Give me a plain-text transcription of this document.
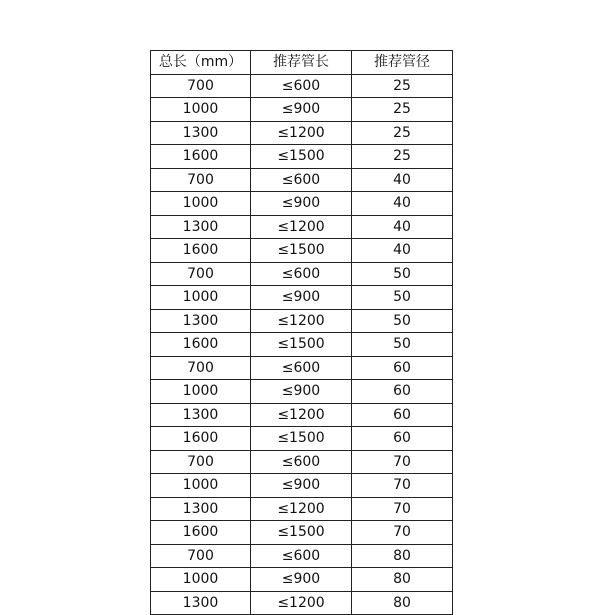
总长（mm）	推荐管长	推荐管径
700	≤600	25
1000	≤900	25
1300	≤1200	25
1600	≤1500	25
700	≤600	40
1000	≤900	40
1300	≤1200	40
1600	≤1500	40
700	≤600	50
1000	≤900	50
1300	≤1200	50
1600	≤1500	50
700	≤600	60
1000	≤900	60
1300	≤1200	60
1600	≤1500	60
700	≤600	70
1000	≤900	70
1300	≤1200	70
1600	≤1500	70
700	≤600	80
1000	≤900	80
1300	≤1200	80
